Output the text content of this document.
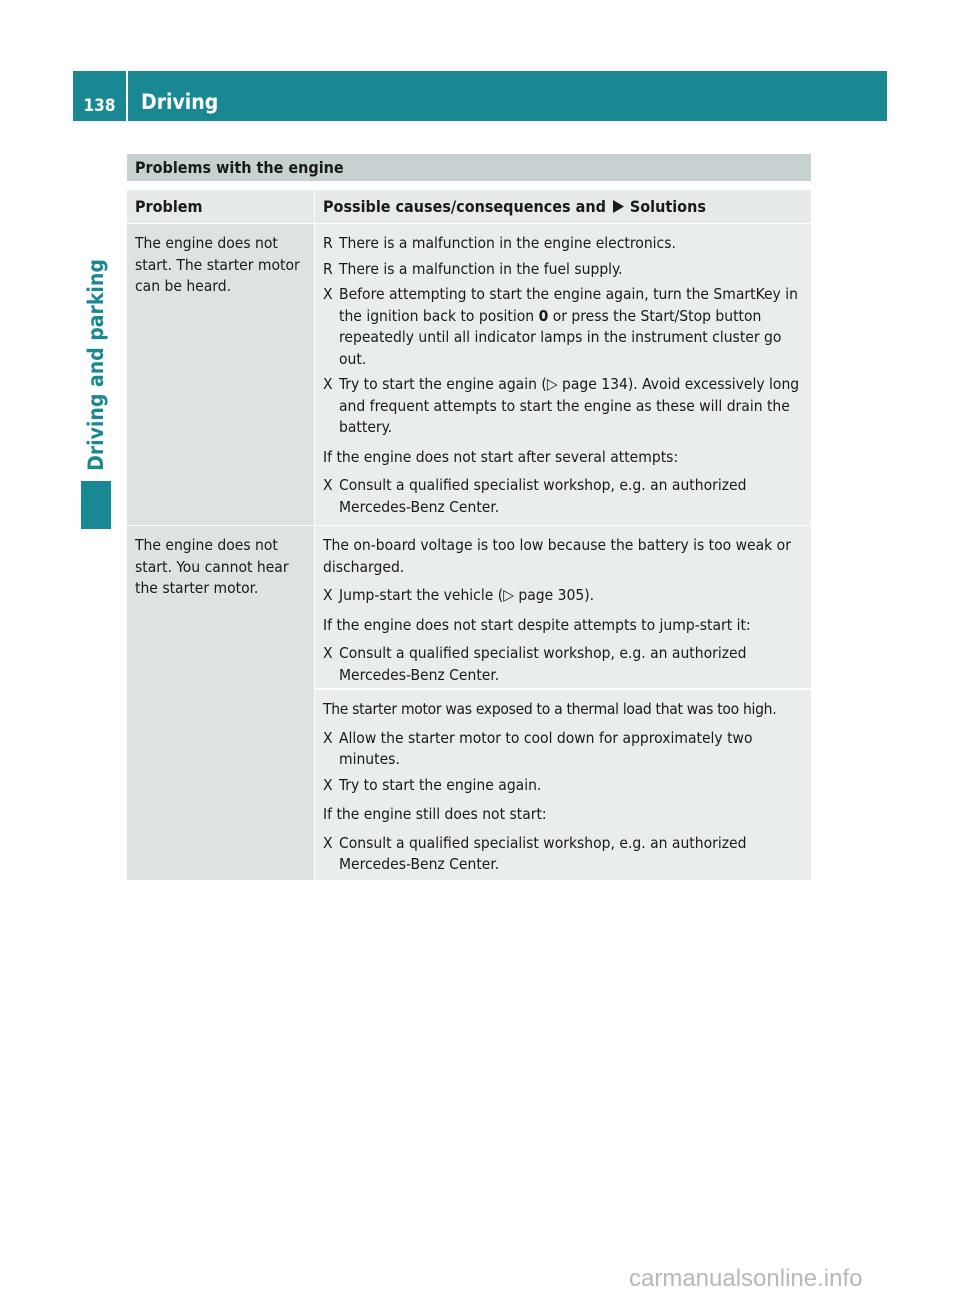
138	Driving
Driving and parking
Problems with the engine
Problem	Possible causes/consequences and Solutions
The engine does not start. The starter motor can be heard.
R There is a malfunction in the engine electronics.
R There is a malfunction in the fuel supply.
X Before attempting to start the engine again, turn the SmartKey in the ignition back to position 0 or press the Start/Stop button repeatedly until all indicator lamps in the instrument cluster go out.
X Try to start the engine again (▷ page 134). Avoid excessively long and frequent attempts to start the engine as these will drain the battery.
If the engine does not start after several attempts:
X Consult a qualified specialist workshop, e.g. an authorized Mercedes-Benz Center.
The engine does not start. You cannot hear the starter motor.
The on-board voltage is too low because the battery is too weak or discharged.
X Jump-start the vehicle (▷ page 305).
If the engine does not start despite attempts to jump-start it:
X Consult a qualified specialist workshop, e.g. an authorized Mercedes-Benz Center.
The starter motor was exposed to a thermal load that was too high.
X Allow the starter motor to cool down for approximately two minutes.
X Try to start the engine again.
If the engine still does not start:
X Consult a qualified specialist workshop, e.g. an authorized Mercedes-Benz Center.
carmanualsonline.info
